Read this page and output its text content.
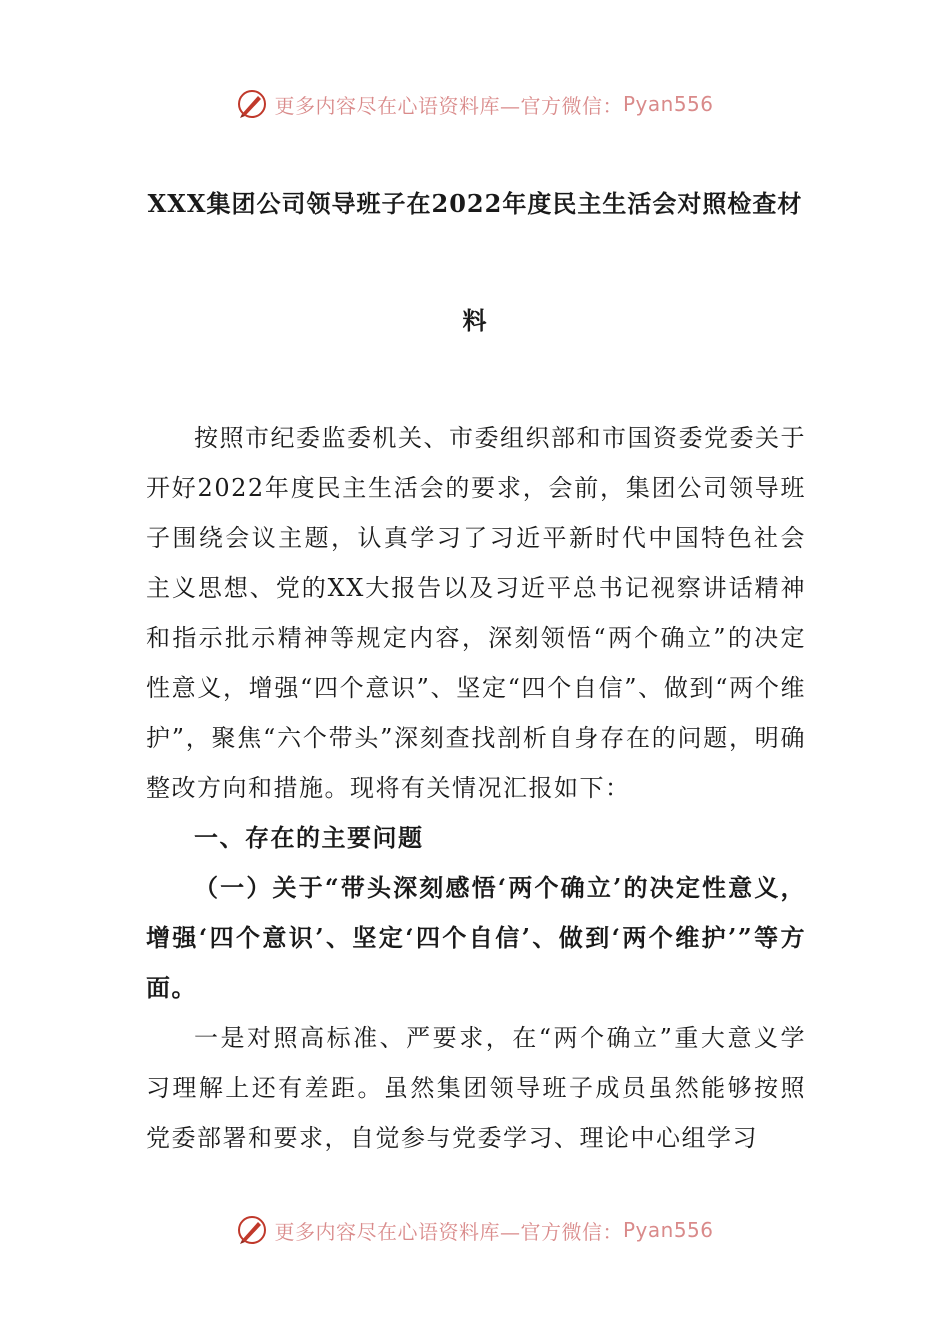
更多内容尽在心语资料库—官方微信： Pyan556
XXX集团公司领导班子在2022年度民主生活会对照检查材
料

按照市纪委监委机关、市委组织部和市国资委党委关于开好2022年度民主生活会的要求，会前，集团公司领导班子围绕会议主题，认真学习了习近平新时代中国特色社会主义思想、党的XX大报告以及习近平总书记视察讲话精神和指示批示精神等规定内容，深刻领悟“两个确立”的决定性意义，增强“四个意识”、坚定“四个自信”、做到“两个维护”，聚焦“六个带头”深刻查找剖析自身存在的问题，明确整改方向和措施。现将有关情况汇报如下：

一、存在的主要问题

（一）关于“带头深刻感悟‘两个确立’的决定性意义，增强‘四个意识’、坚定‘四个自信’、做到‘两个维护’”等方面。

一是对照高标准、严要求，在“两个确立”重大意义学习理解上还有差距。虽然集团领导班子成员虽然能够按照党委部署和要求，自觉参与党委学习、理论中心组学习

更多内容尽在心语资料库—官方微信： Pyan556
